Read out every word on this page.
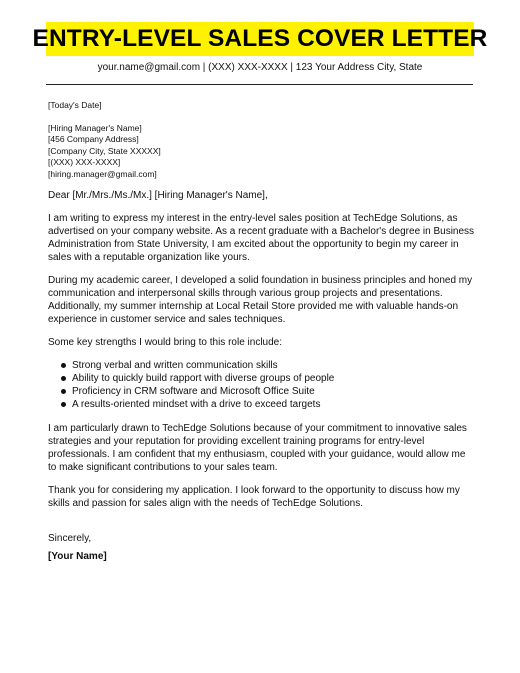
ENTRY-LEVEL SALES COVER LETTER
your.name@gmail.com | (XXX) XXX-XXXX | 123 Your Address City, State
[Today's Date]
[Hiring Manager's Name]
[456 Company Address]
[Company City, State XXXXX]
[(XXX) XXX-XXXX]
[hiring.manager@gmail.com]
Dear [Mr./Mrs./Ms./Mx.] [Hiring Manager's Name],

I am writing to express my interest in the entry-level sales position at TechEdge Solutions, as advertised on your company website. As a recent graduate with a Bachelor's degree in Business Administration from State University, I am excited about the opportunity to begin my career in sales with a reputable organization like yours.

During my academic career, I developed a solid foundation in business principles and honed my communication and interpersonal skills through various group projects and presentations. Additionally, my summer internship at Local Retail Store provided me with valuable hands-on experience in customer service and sales techniques.

Some key strengths I would bring to this role include:

Strong verbal and written communication skills
Ability to quickly build rapport with diverse groups of people
Proficiency in CRM software and Microsoft Office Suite
A results-oriented mindset with a drive to exceed targets

I am particularly drawn to TechEdge Solutions because of your commitment to innovative sales strategies and your reputation for providing excellent training programs for entry-level professionals. I am confident that my enthusiasm, coupled with your guidance, would allow me to make significant contributions to your sales team.

Thank you for considering my application. I look forward to the opportunity to discuss how my skills and passion for sales align with the needs of TechEdge Solutions.

Sincerely,
[Your Name]
